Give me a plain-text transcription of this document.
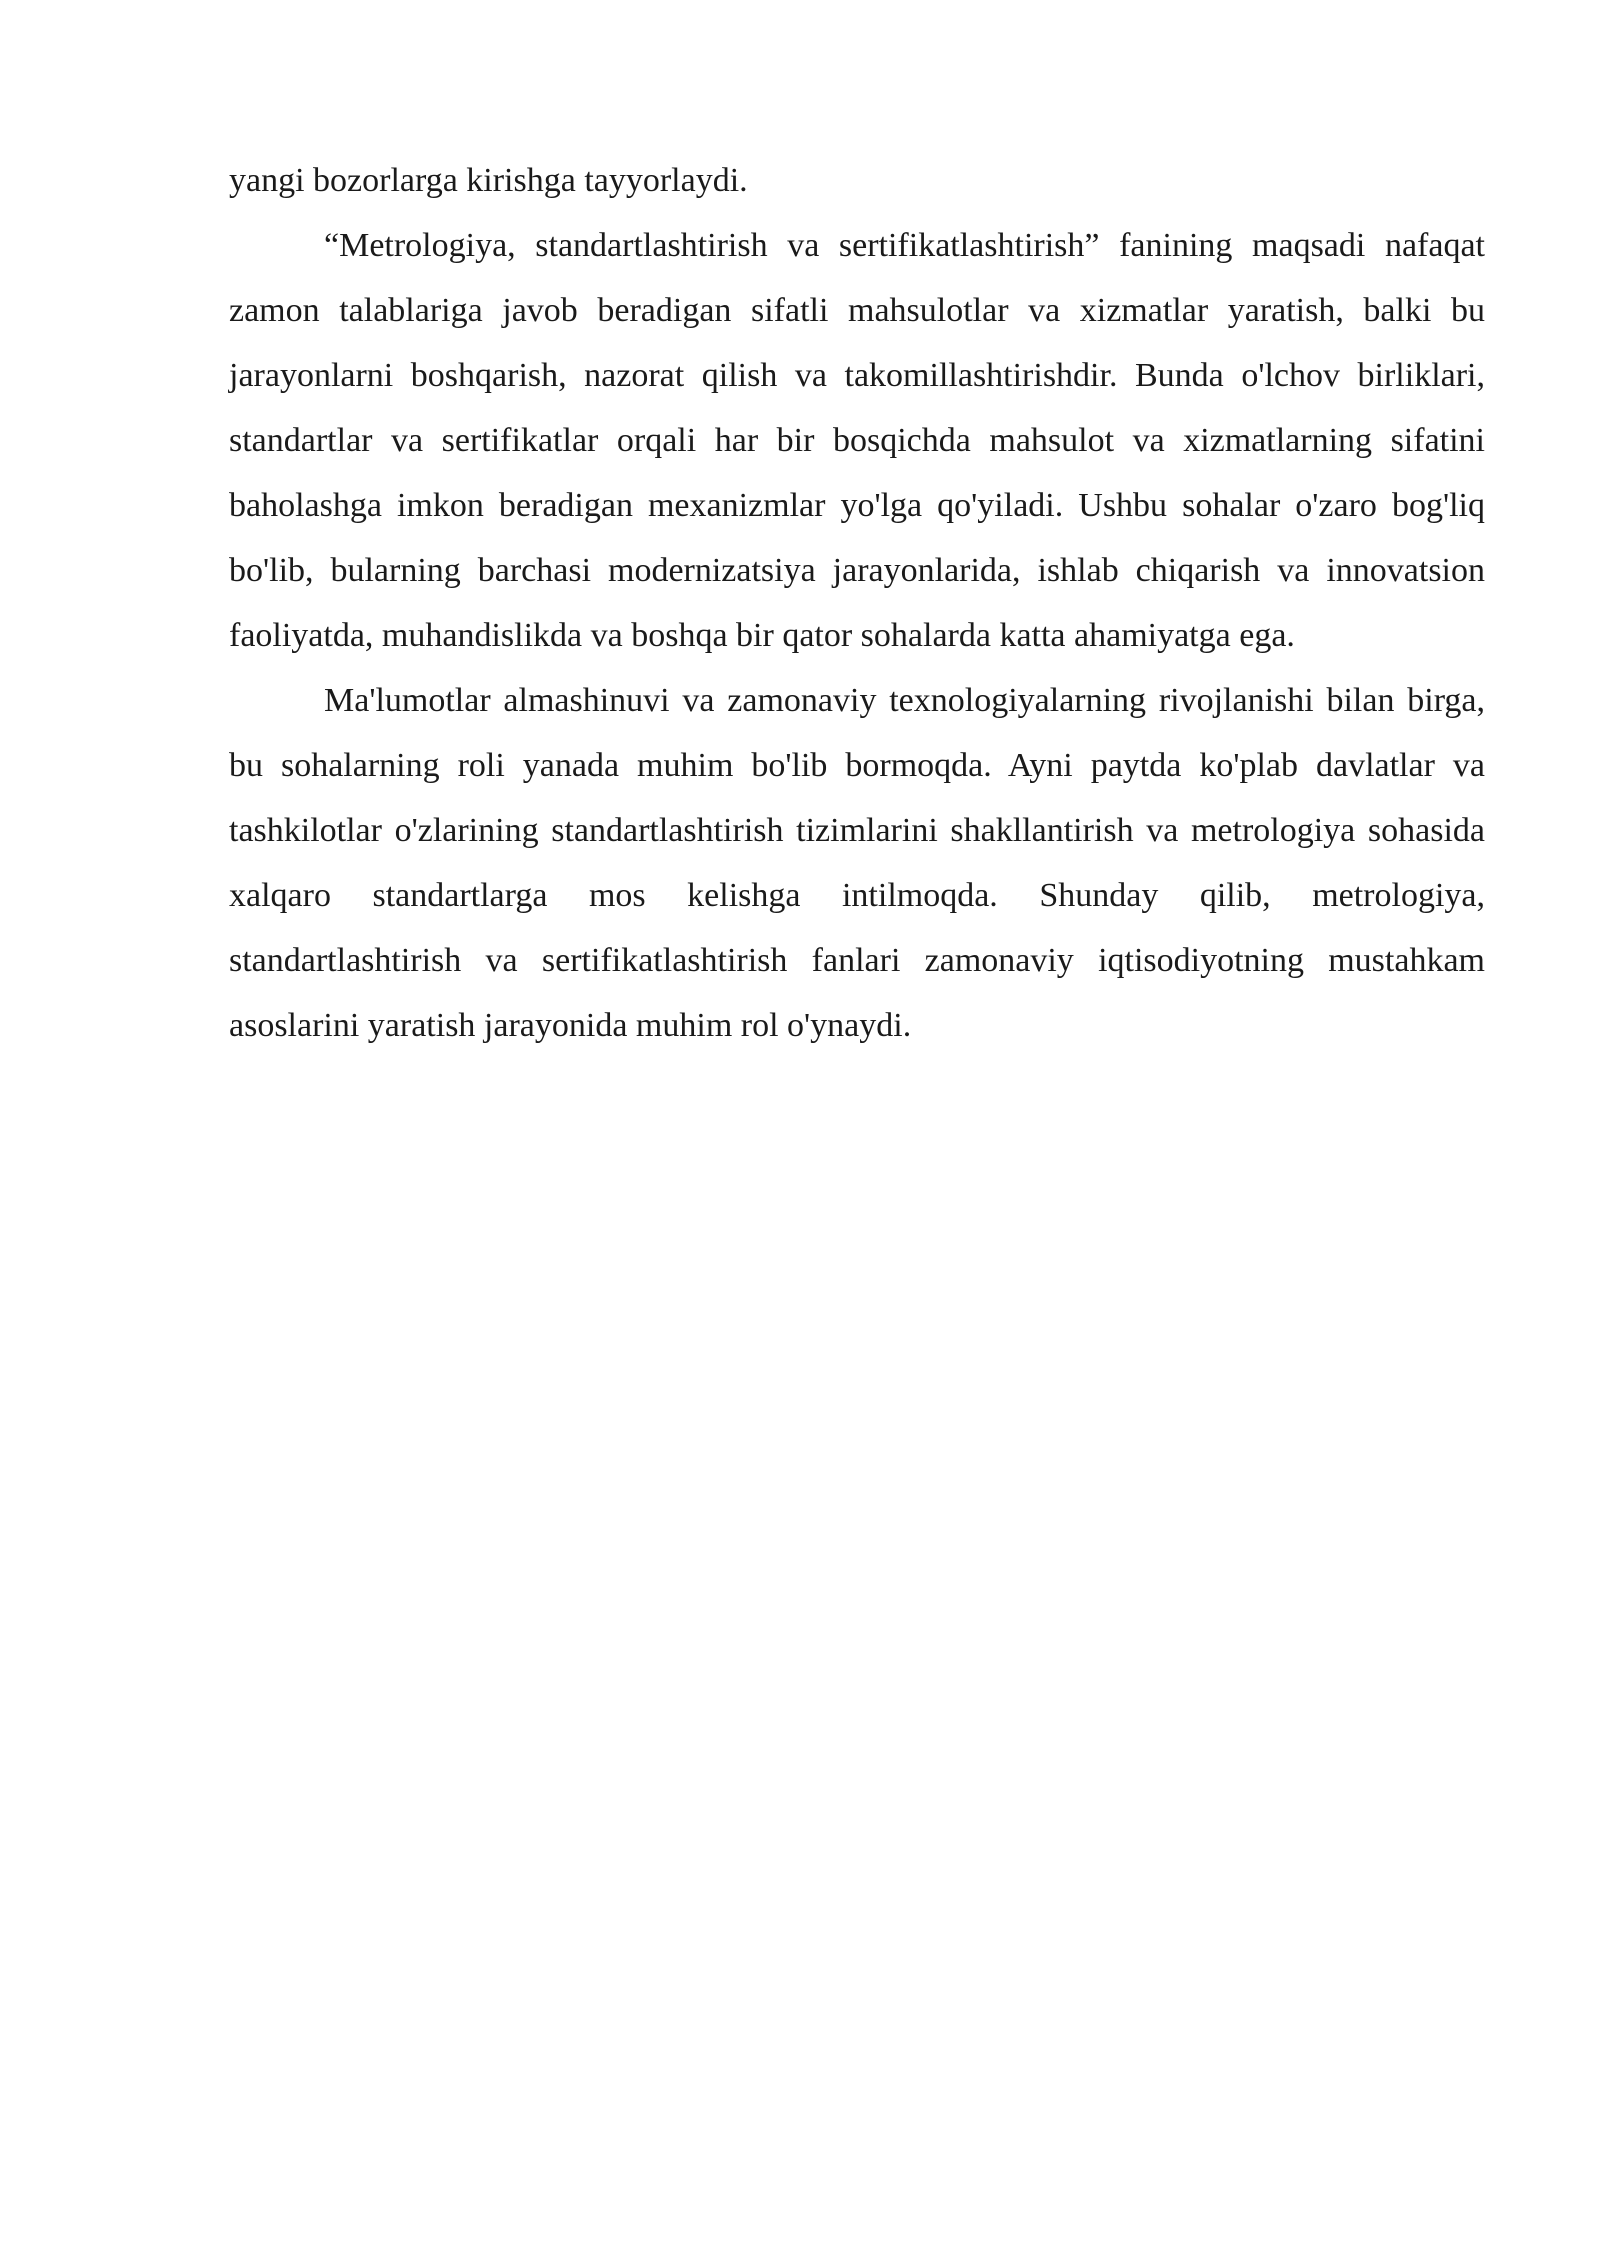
yangi bozorlarga kirishga tayyorlaydi.

“Metrologiya, standartlashtirish va sertifikatlashtirish” fanining maqsadi nafaqat zamon talablariga javob beradigan sifatli mahsulotlar va xizmatlar yaratish, balki bu jarayonlarni boshqarish, nazorat qilish va takomillashtirishdir. Bunda o'lchov birliklari, standartlar va sertifikatlar orqali har bir bosqichda mahsulot va xizmatlarning sifatini baholashga imkon beradigan mexanizmlar yo'lga qo'yiladi. Ushbu sohalar o'zaro bog'liq bo'lib, bularning barchasi modernizatsiya jarayonlarida, ishlab chiqarish va innovatsion faoliyatda, muhandislikda va boshqa bir qator sohalarda katta ahamiyatga ega.

Ma'lumotlar almashinuvi va zamonaviy texnologiyalarning rivojlanishi bilan birga, bu sohalarning roli yanada muhim bo'lib bormoqda. Ayni paytda ko'plab davlatlar va tashkilotlar o'zlarining standartlashtirish tizimlarini shakllantirish va metrologiya sohasida xalqaro standartlarga mos kelishga intilmoqda. Shunday qilib, metrologiya, standartlashtirish va sertifikatlashtirish fanlari zamonaviy iqtisodiyotning mustahkam asoslarini yaratish jarayonida muhim rol o'ynaydi.
